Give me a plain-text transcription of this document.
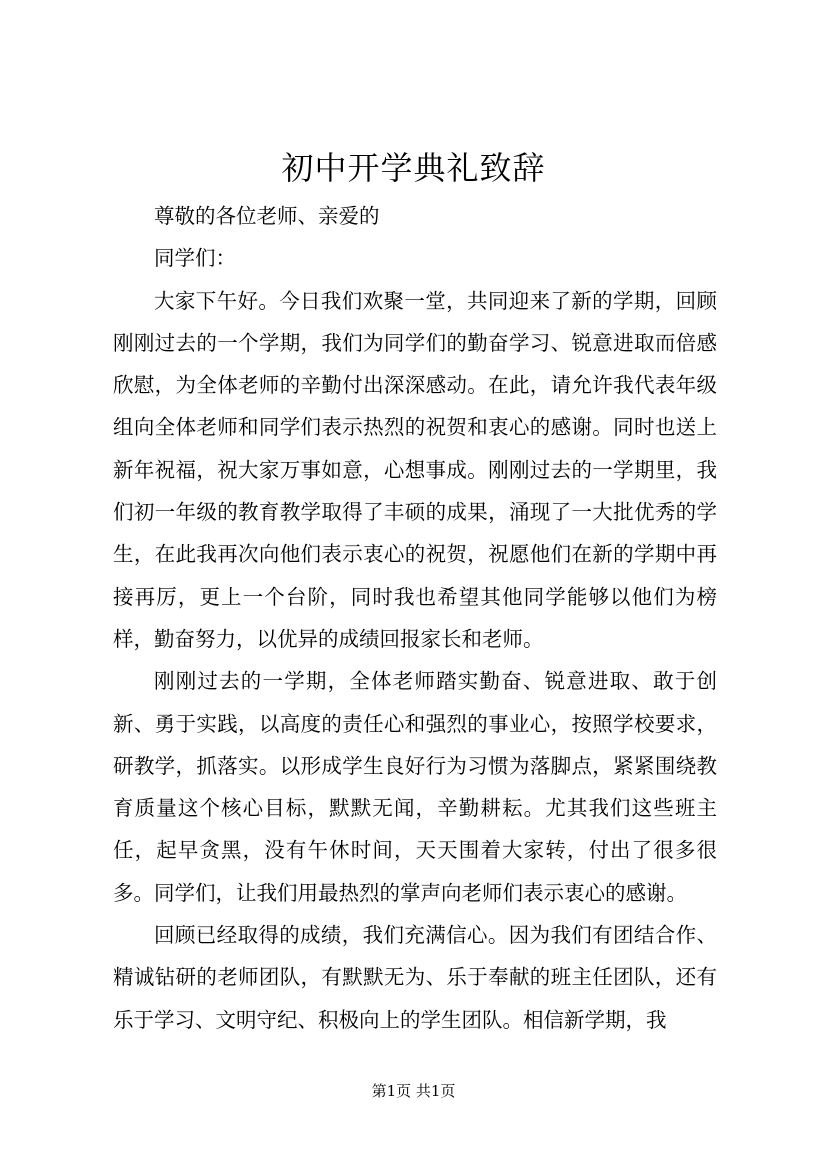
初中开学典礼致辞

尊敬的各位老师、亲爱的

同学们：

大家下午好。今日我们欢聚一堂，共同迎来了新的学期，回顾刚刚过去的一个学期，我们为同学们的勤奋学习、锐意进取而倍感欣慰，为全体老师的辛勤付出深深感动。在此，请允许我代表年级组向全体老师和同学们表示热烈的祝贺和衷心的感谢。同时也送上新年祝福，祝大家万事如意，心想事成。刚刚过去的一学期里，我们初一年级的教育教学取得了丰硕的成果，涌现了一大批优秀的学生，在此我再次向他们表示衷心的祝贺，祝愿他们在新的学期中再接再厉，更上一个台阶，同时我也希望其他同学能够以他们为榜样，勤奋努力，以优异的成绩回报家长和老师。

刚刚过去的一学期，全体老师踏实勤奋、锐意进取、敢于创新、勇于实践，以高度的责任心和强烈的事业心，按照学校要求，研教学，抓落实。以形成学生良好行为习惯为落脚点，紧紧围绕教育质量这个核心目标，默默无闻，辛勤耕耘。尤其我们这些班主任，起早贪黑，没有午休时间，天天围着大家转，付出了很多很多。同学们，让我们用最热烈的掌声向老师们表示衷心的感谢。

回顾已经取得的成绩，我们充满信心。因为我们有团结合作、精诚钻研的老师团队，有默默无为、乐于奉献的班主任团队，还有乐于学习、文明守纪、积极向上的学生团队。相信新学期，我

第1页 共1页
